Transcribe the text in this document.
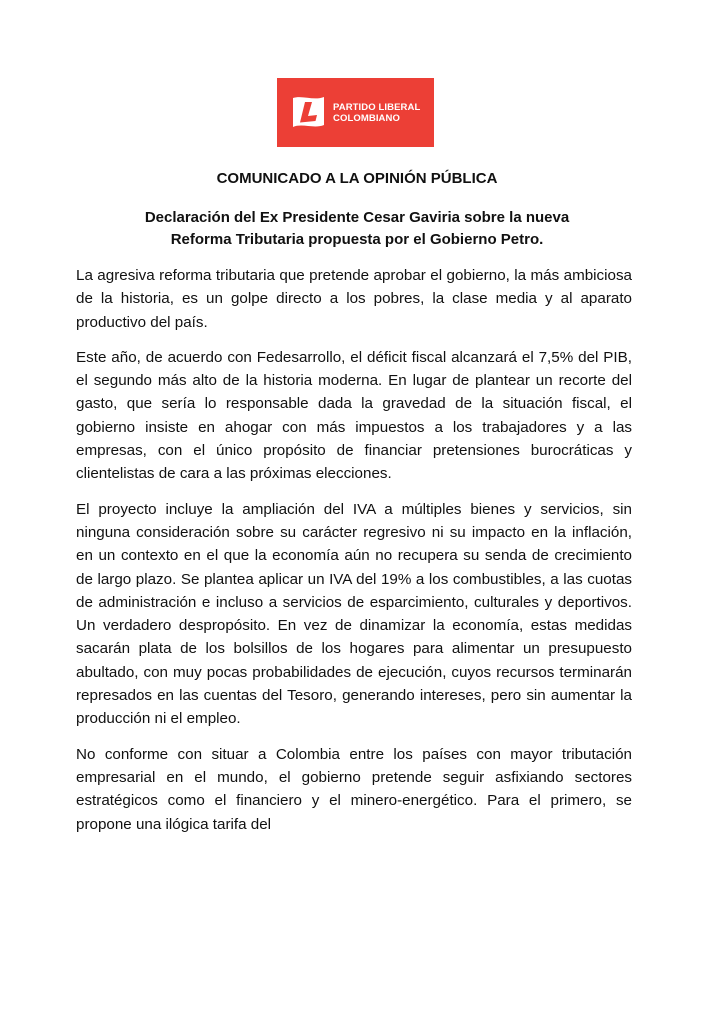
PARTIDO LIBERAL
COLOMBIANO
COMUNICADO A LA OPINIÓN PÚBLICA
Declaración del Ex Presidente Cesar Gaviria sobre la nueva
Reforma Tributaria propuesta por el Gobierno Petro.

La agresiva reforma tributaria que pretende aprobar el gobierno, la más ambiciosa de la historia, es un golpe directo a los pobres, la clase media y al aparato productivo del país.

Este año, de acuerdo con Fedesarrollo, el déficit fiscal alcanzará el 7,5% del PIB, el segundo más alto de la historia moderna. En lugar de plantear un recorte del gasto, que sería lo responsable dada la gravedad de la situación fiscal, el gobierno insiste en ahogar con más impuestos a los trabajadores y a las empresas, con el único propósito de financiar pretensiones burocráticas y clientelistas de cara a las próximas elecciones.

El proyecto incluye la ampliación del IVA a múltiples bienes y servicios, sin ninguna consideración sobre su carácter regresivo ni su impacto en la inflación, en un contexto en el que la economía aún no recupera su senda de crecimiento de largo plazo. Se plantea aplicar un IVA del 19% a los combustibles, a las cuotas de administración e incluso a servicios de esparcimiento, culturales y deportivos. Un verdadero despropósito. En vez de dinamizar la economía, estas medidas sacarán plata de los bolsillos de los hogares para alimentar un presupuesto abultado, con muy pocas probabilidades de ejecución, cuyos recursos terminarán represados en las cuentas del Tesoro, generando intereses, pero sin aumentar la producción ni el empleo.

No conforme con situar a Colombia entre los países con mayor tributación empresarial en el mundo, el gobierno pretende seguir asfixiando sectores estratégicos como el financiero y el minero-energético. Para el primero, se propone una ilógica tarifa del
